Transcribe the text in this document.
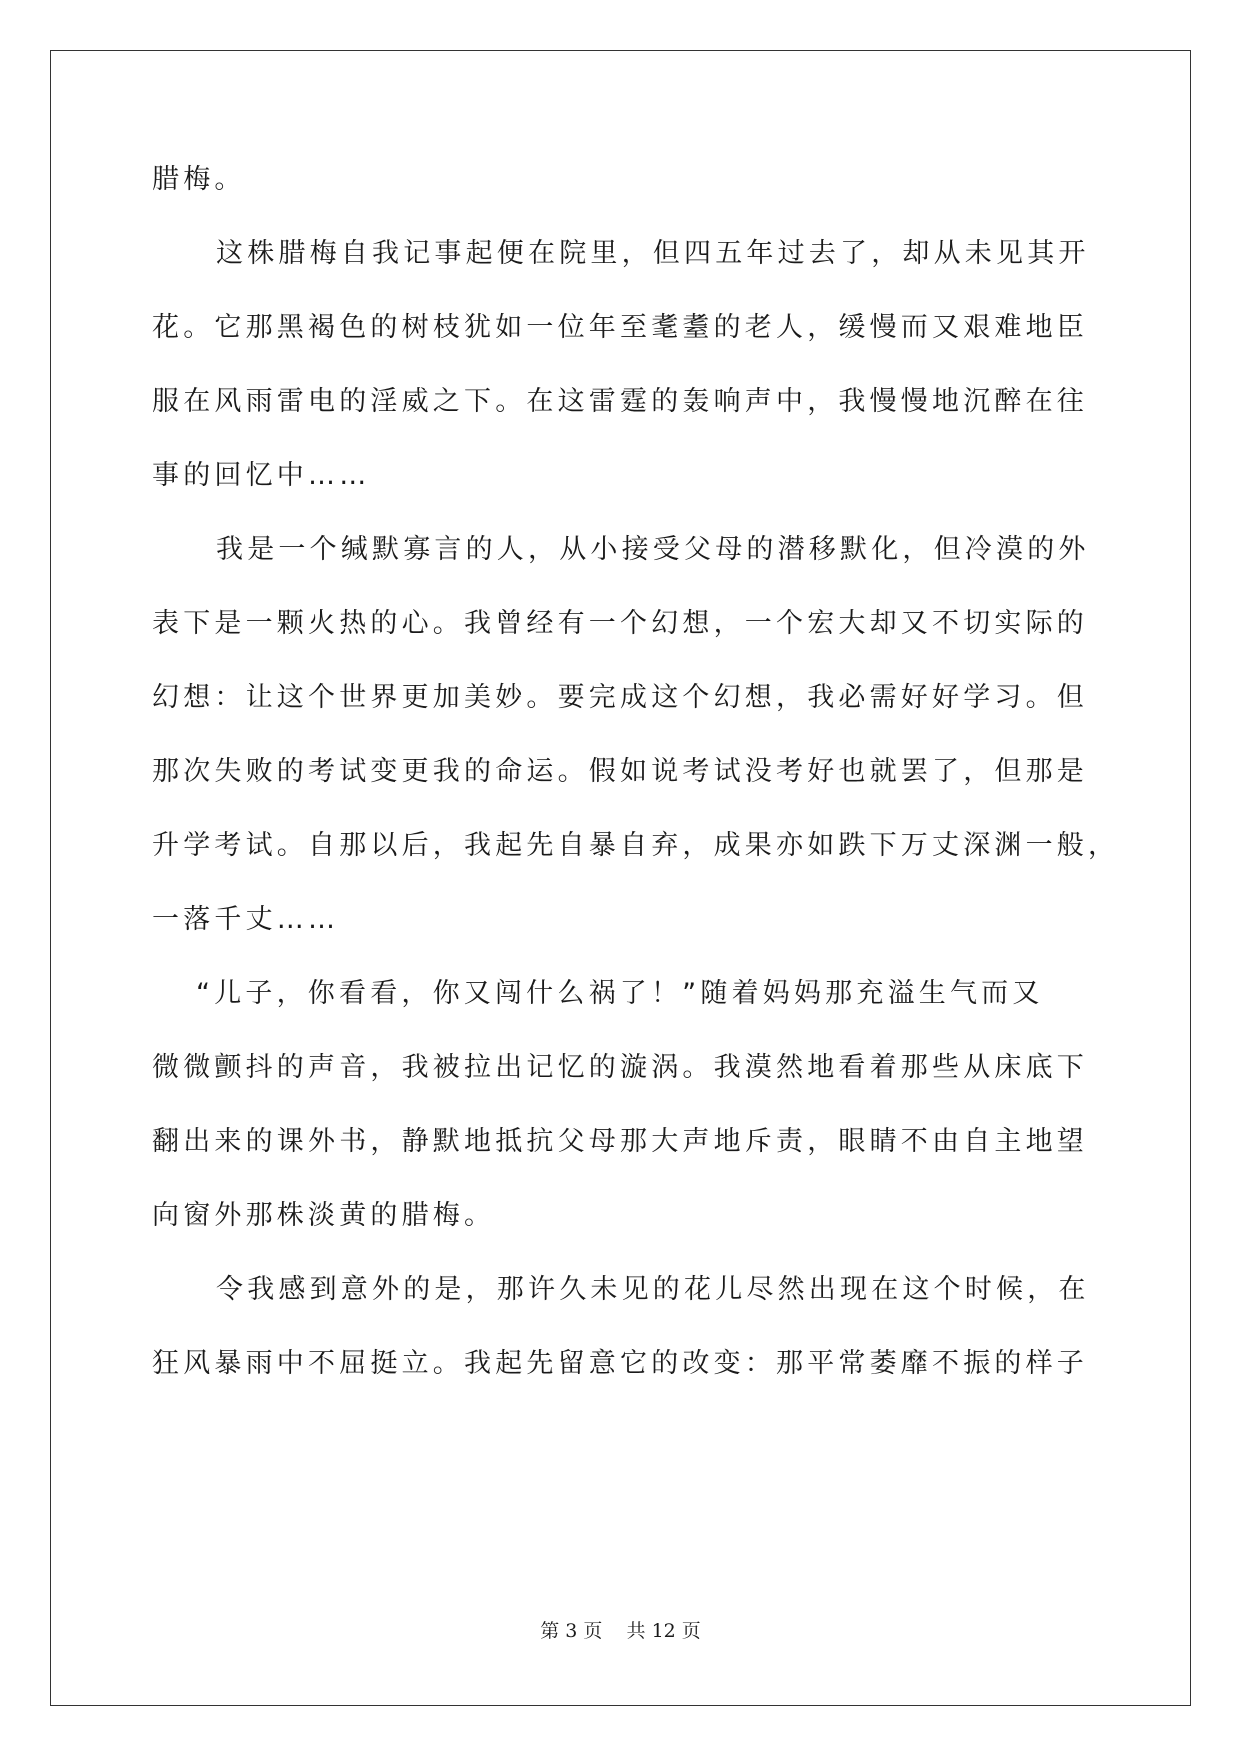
腊梅。
这株腊梅自我记事起便在院里，但四五年过去了，却从未见其开
花。它那黑褐色的树枝犹如一位年至耄耋的老人，缓慢而又艰难地臣
服在风雨雷电的淫威之下。在这雷霆的轰响声中，我慢慢地沉醉在往
事的回忆中……
我是一个缄默寡言的人，从小接受父母的潜移默化，但冷漠的外
表下是一颗火热的心。我曾经有一个幻想，一个宏大却又不切实际的
幻想：让这个世界更加美妙。要完成这个幻想，我必需好好学习。但
那次失败的考试变更我的命运。假如说考试没考好也就罢了，但那是
升学考试。自那以后，我起先自暴自弃，成果亦如跌下万丈深渊一般，
一落千丈……
“儿子，你看看，你又闯什么祸了！”随着妈妈那充溢生气而又
微微颤抖的声音，我被拉出记忆的漩涡。我漠然地看着那些从床底下
翻出来的课外书，静默地抵抗父母那大声地斥责，眼睛不由自主地望
向窗外那株淡黄的腊梅。
令我感到意外的是，那许久未见的花儿尽然出现在这个时候，在
狂风暴雨中不屈挺立。我起先留意它的改变：那平常萎靡不振的样子
第 3 页 共 12 页
